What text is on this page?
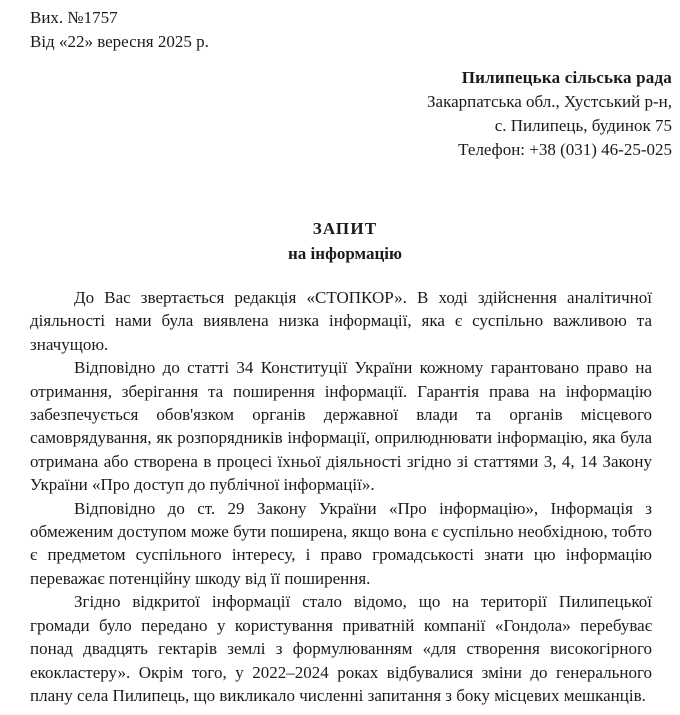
Вих. №1757
Від «22» вересня 2025 р.
Пилипецька сільська рада
Закарпатська обл., Хустський р-н,
с. Пилипець, будинок 75
Телефон: +38 (031) 46-25-025
ЗАПИТ
на інформацію

До Вас звертається редакція «СТОПКОР». В ході здійснення аналітичної діяльності нами була виявлена низка інформації, яка є суспільно важливою та значущою.

Відповідно до статті 34 Конституції України кожному гарантовано право на отримання, зберігання та поширення інформації. Гарантія права на інформацію забезпечується обов'язком органів державної влади та органів місцевого самоврядування, як розпорядників інформації, оприлюднювати інформацію, яка була отримана або створена в процесі їхньої діяльності згідно зі статтями 3, 4, 14 Закону України «Про доступ до публічної інформації».

Відповідно до ст. 29 Закону України «Про інформацію», Інформація з обмеженим доступом може бути поширена, якщо вона є суспільно необхідною, тобто є предметом суспільного інтересу, і право громадськості знати цю інформацію переважає потенційну шкоду від її поширення.

Згідно відкритої інформації стало відомо, що на території Пилипецької громади було передано у користування приватній компанії «Гондола» перебуває понад двадцять гектарів землі з формулюванням «для створення високогірного екокластеру». Окрім того, у 2022–2024 роках відбувалися зміни до генерального плану села Пилипець, що викликало численні запитання з боку місцевих мешканців.
